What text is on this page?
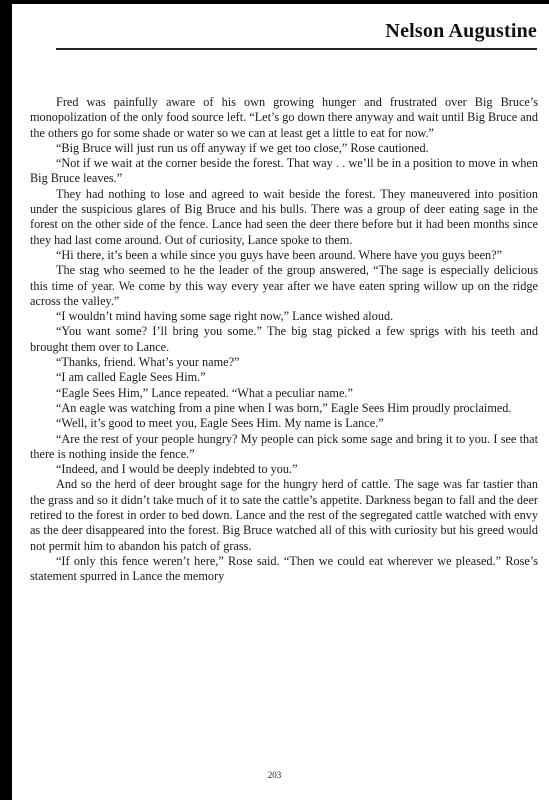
Nelson Augustine

Fred was painfully aware of his own growing hunger and frustrated over Big Bruce’s monopolization of the only food source left. “Let’s go down there anyway and wait until Big Bruce and the others go for some shade or water so we can at least get a little to eat for now.”

“Big Bruce will just run us off anyway if we get too close,” Rose cautioned.

“Not if we wait at the corner beside the forest. That way . . we’ll be in a position to move in when Big Bruce leaves.”

They had nothing to lose and agreed to wait beside the forest. They maneuvered into position under the suspicious glares of Big Bruce and his bulls. There was a group of deer eating sage in the forest on the other side of the fence. Lance had seen the deer there before but it had been months since they had last come around. Out of curiosity, Lance spoke to them.

“Hi there, it’s been a while since you guys have been around. Where have you guys been?”

The stag who seemed to he the leader of the group answered, “The sage is especially delicious this time of year. We come by this way every year after we have eaten spring willow up on the ridge across the valley.”

“I wouldn’t mind having some sage right now,” Lance wished aloud.

“You want some? I’ll bring you some.” The big stag picked a few sprigs with his teeth and brought them over to Lance.

“Thanks, friend. What’s your name?”

“I am called Eagle Sees Him.”

“Eagle Sees Him,” Lance repeated. “What a peculiar name.”

“An eagle was watching from a pine when I was born,” Eagle Sees Him proudly proclaimed.

“Well, it’s good to meet you, Eagle Sees Him. My name is Lance.”

“Are the rest of your people hungry? My people can pick some sage and bring it to you. I see that there is nothing inside the fence.”

“Indeed, and I would be deeply indebted to you.”

And so the herd of deer brought sage for the hungry herd of cattle. The sage was far tastier than the grass and so it didn’t take much of it to sate the cattle’s appetite. Darkness began to fall and the deer retired to the forest in order to bed down. Lance and the rest of the segregated cattle watched with envy as the deer disappeared into the forest. Big Bruce watched all of this with curiosity but his greed would not permit him to abandon his patch of grass.

“If only this fence weren’t here,” Rose said. “Then we could eat wherever we pleased.” Rose’s statement spurred in Lance the memory

203
